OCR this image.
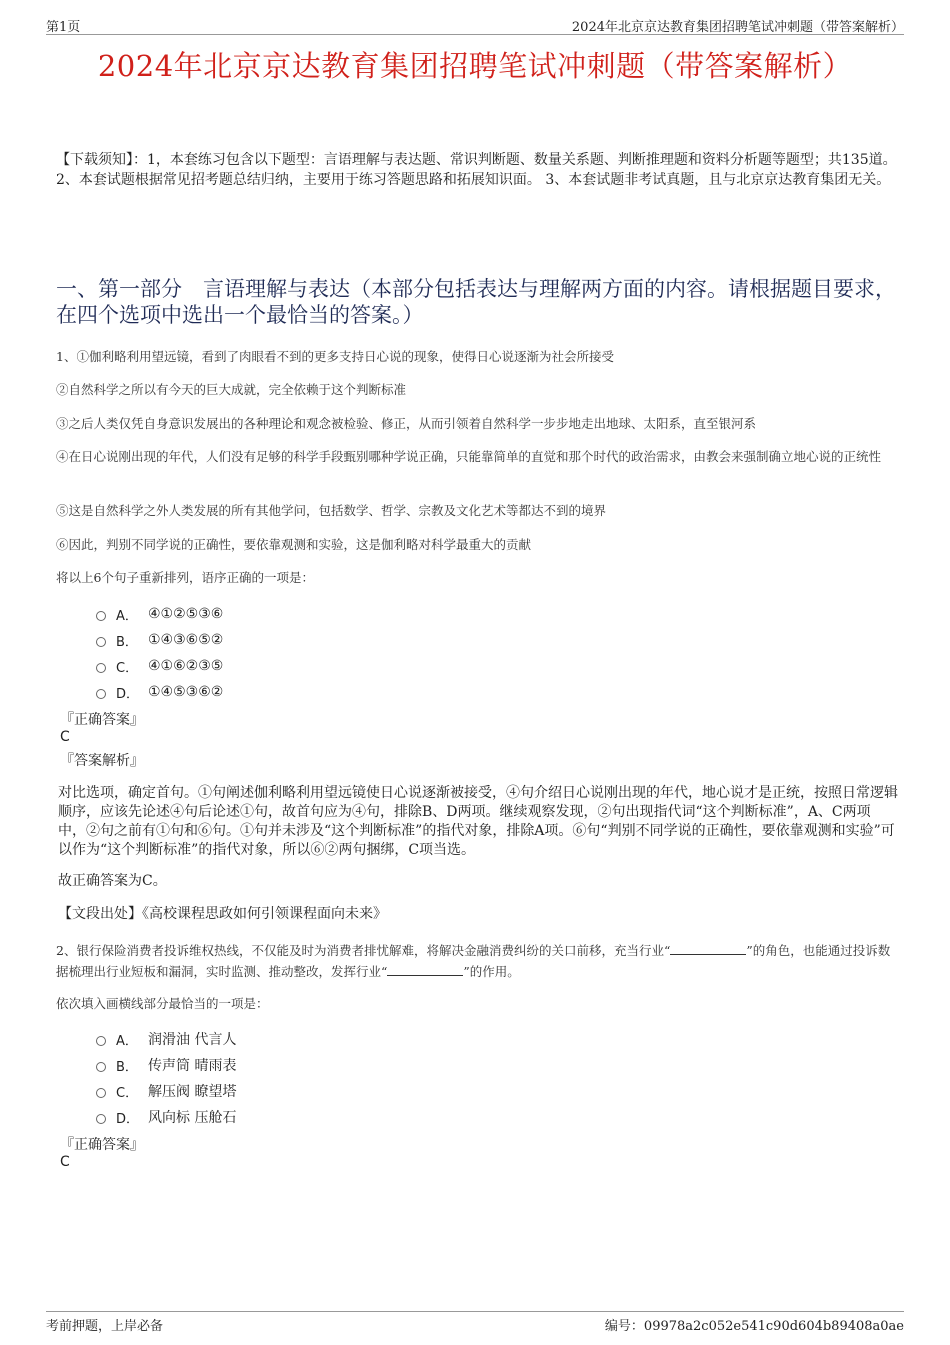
第1页	2024年北京京达教育集团招聘笔试冲刺题（带答案解析）
2024年北京京达教育集团招聘笔试冲刺题（带答案解析）
【下载须知】：1，本套练习包含以下题型：言语理解与表达题、常识判断题、数量关系题、判断推理题和资料分析题等题型；共135道。 2、本套试题根据常见招考题总结归纳，主要用于练习答题思路和拓展知识面。 3、本套试题非考试真题，且与北京京达教育集团无关。
一、第一部分　言语理解与表达（本部分包括表达与理解两方面的内容。请根据题目要求，在四个选项中选出一个最恰当的答案。）
1、①伽利略利用望远镜，看到了肉眼看不到的更多支持日心说的现象，使得日心说逐渐为社会所接受
②自然科学之所以有今天的巨大成就，完全依赖于这个判断标准
③之后人类仅凭自身意识发展出的各种理论和观念被检验、修正，从而引领着自然科学一步步地走出地球、太阳系，直至银河系
④在日心说刚出现的年代，人们没有足够的科学手段甄别哪种学说正确，只能靠简单的直觉和那个时代的政治需求，由教会来强制确立地心说的正统性
⑤这是自然科学之外人类发展的所有其他学问，包括数学、哲学、宗教及文化艺术等都达不到的境界
⑥因此，判别不同学说的正确性，要依靠观测和实验，这是伽利略对科学最重大的贡献
将以上6个句子重新排列，语序正确的一项是：
A． ④①②⑤③⑥
B． ①④③⑥⑤②
C． ④①⑥②③⑤
D． ①④⑤③⑥②
『正确答案』
C
『答案解析』
对比选项，确定首句。①句阐述伽利略利用望远镜使日心说逐渐被接受，④句介绍日心说刚出现的年代，地心说才是正统，按照日常逻辑顺序，应该先论述④句后论述①句，故首句应为④句，排除B、D两项。继续观察发现，②句出现指代词“这个判断标准”，A、C两项中，②句之前有①句和⑥句。①句并未涉及“这个判断标准”的指代对象，排除A项。⑥句“判别不同学说的正确性，要依靠观测和实验”可以作为“这个判断标准”的指代对象，所以⑥②两句捆绑，C项当选。
故正确答案为C。
【文段出处】《高校课程思政如何引领课程面向未来》
2、银行保险消费者投诉维权热线，不仅能及时为消费者排忧解难，将解决金融消费纠纷的关口前移，充当行业“	”的角色，也能通过投诉数据梳理出行业短板和漏洞，实时监测、推动整改，发挥行业“	”的作用。
依次填入画横线部分最恰当的一项是：
A． 润滑油 代言人
B． 传声筒 晴雨表
C． 解压阀 瞭望塔
D． 风向标 压舱石
『正确答案』
C
考前押题，上岸必备	编号：09978a2c052e541c90d604b89408a0ae
